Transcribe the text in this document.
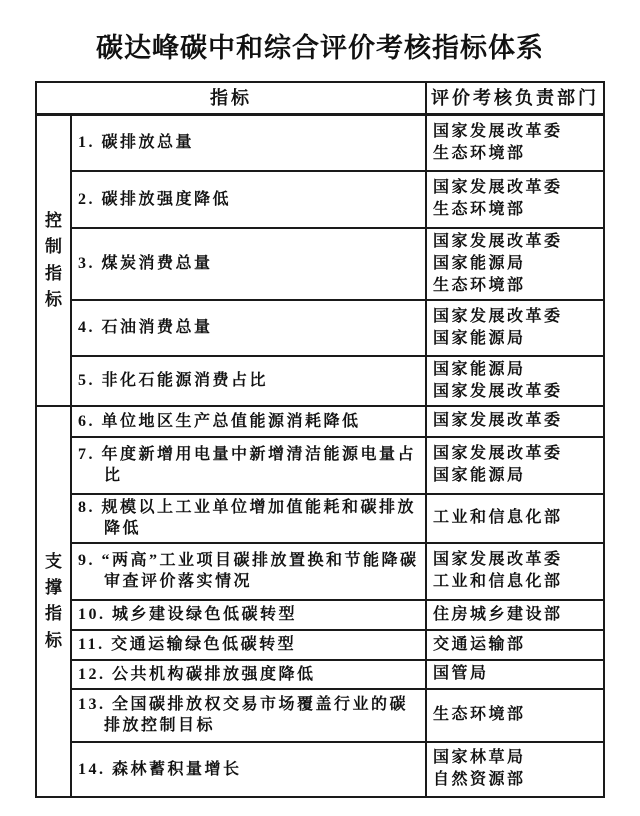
碳达峰碳中和综合评价考核指标体系
指标		评价考核负责部门

控制指标	1. 碳排放总量	国家发展改革委
生态环境部

	2. 碳排放强度降低	国家发展改革委
生态环境部

	3. 煤炭消费总量	国家发展改革委
国家能源局
生态环境部

	4. 石油消费总量	国家发展改革委
国家能源局

	5. 非化石能源消费占比	国家能源局
国家发展改革委

支撑指标	6. 单位地区生产总值能源消耗降低	国家发展改革委

	7. 年度新增用电量中新增清洁能源电量占比	国家发展改革委
国家能源局

	8. 规模以上工业单位增加值能耗和碳排放降低	工业和信息化部

	9. “两高”工业项目碳排放置换和节能降碳审查评价落实情况	国家发展改革委
工业和信息化部

	10. 城乡建设绿色低碳转型	住房城乡建设部

	11. 交通运输绿色低碳转型	交通运输部

	12. 公共机构碳排放强度降低	国管局

	13. 全国碳排放权交易市场覆盖行业的碳排放控制目标	生态环境部

	14. 森林蓄积量增长	国家林草局
自然资源部
